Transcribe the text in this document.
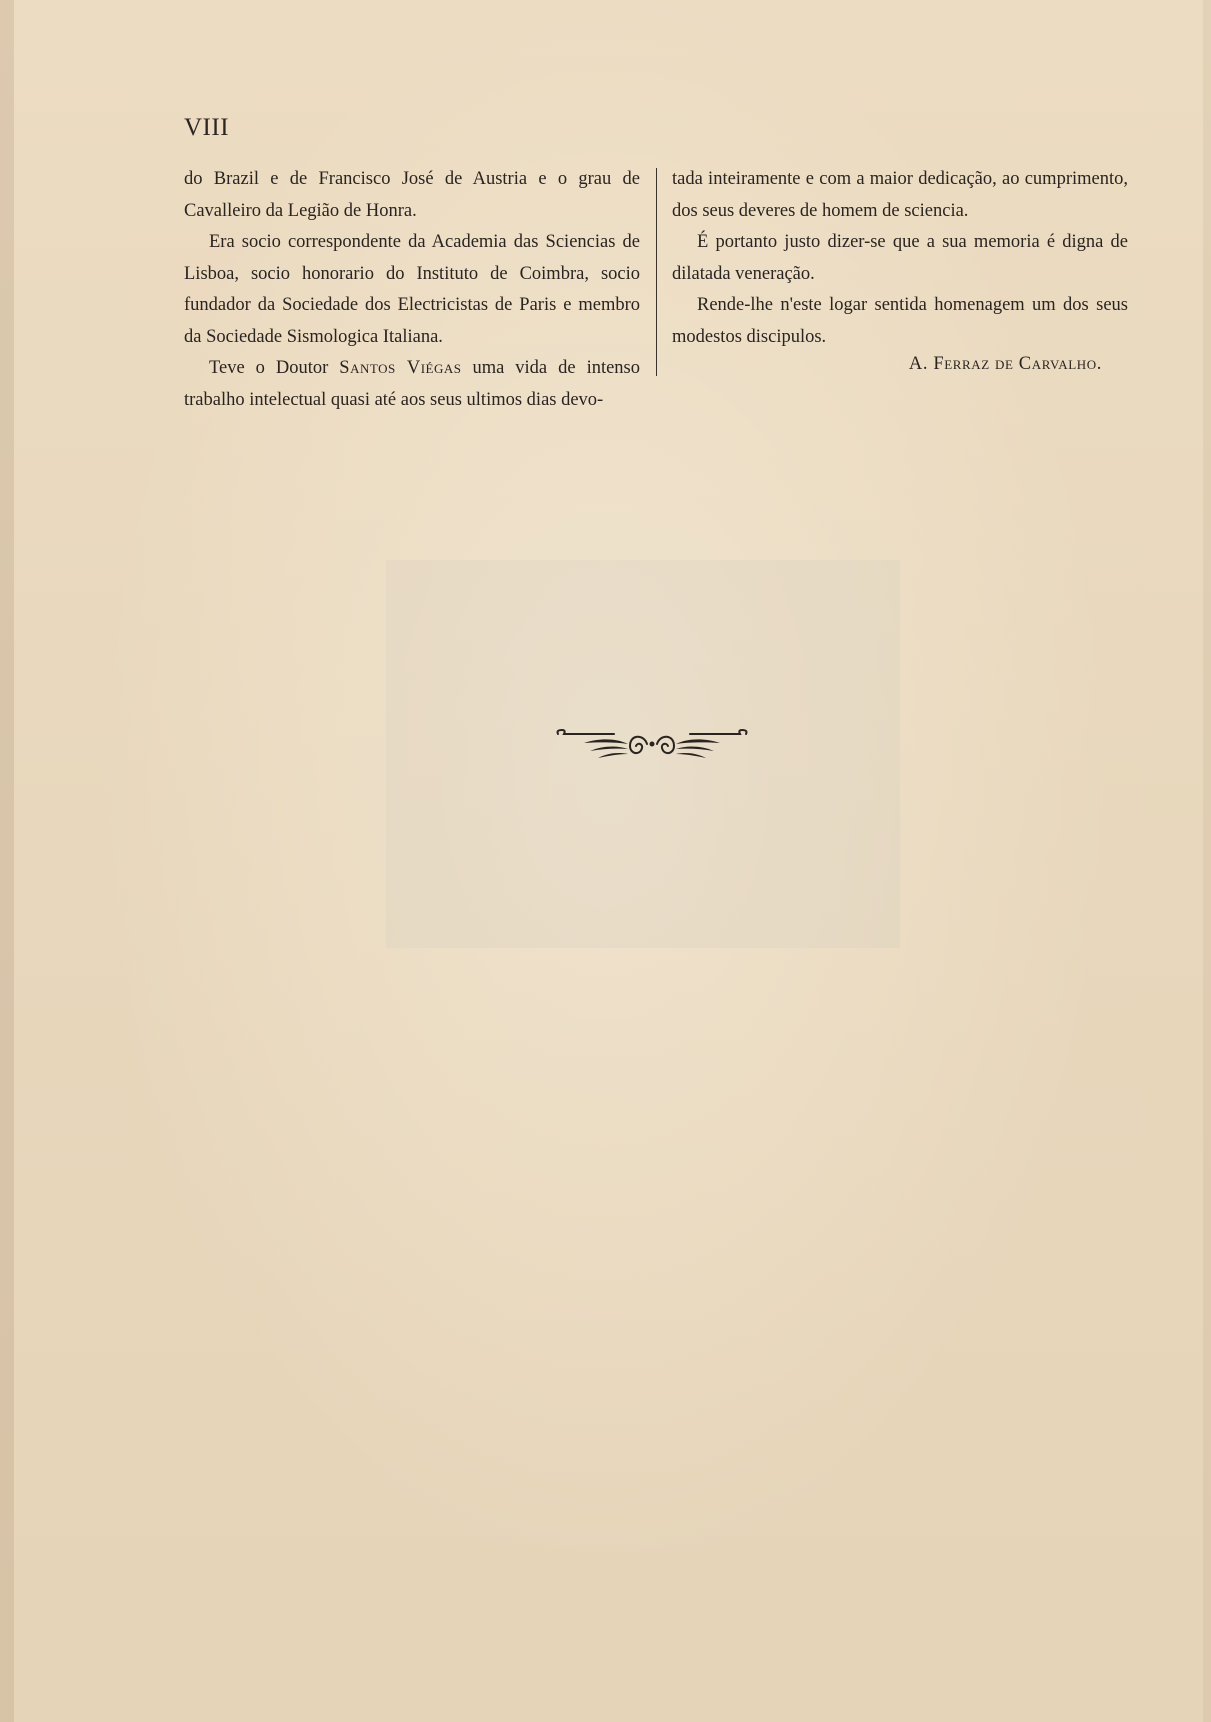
VIII

do Brazil e de Francisco José de Austria e o grau de Cavalleiro da Legião de Honra.

Era socio correspondente da Academia das Sciencias de Lisboa, socio honorario do Instituto de Coimbra, socio fundador da Sociedade dos Electricistas de Paris e membro da Sociedade Sismologica Italiana.

Teve o Doutor Santos Viégas uma vida de intenso trabalho intelectual quasi até aos seus ultimos dias devo-

tada inteiramente e com a maior dedicação, ao cumprimento, dos seus deveres de homem de sciencia.

É portanto justo dizer-se que a sua memoria é digna de dilatada veneração.

Rende-lhe n'este logar sentida homenagem um dos seus modestos discipulos.

A. Ferraz de Carvalho.
